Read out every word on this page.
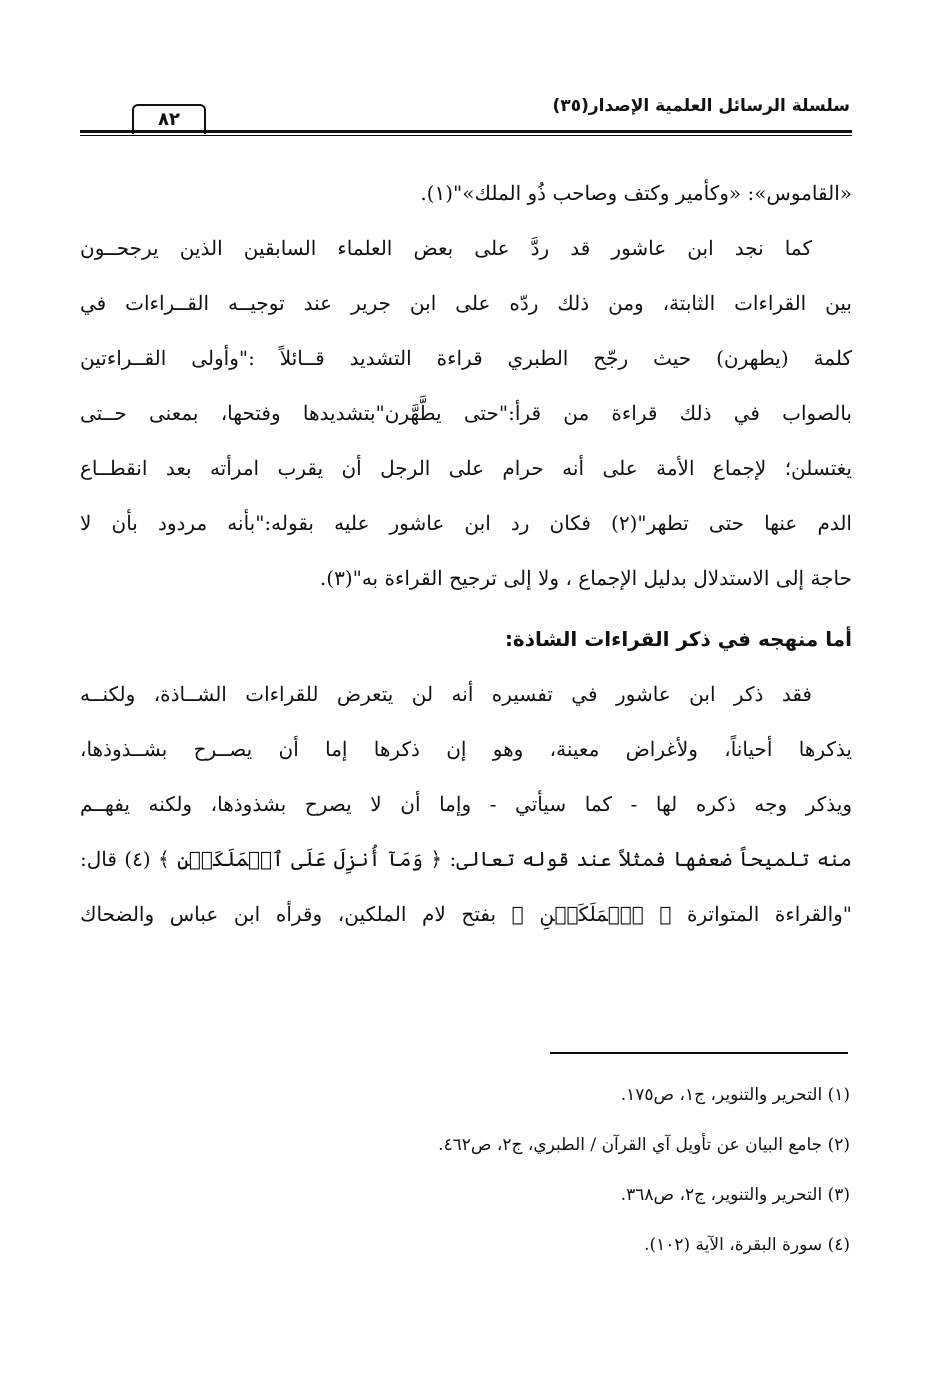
سلسلة الرسائل العلمية الإصدار(٣٥)
٨٢
«القاموس»: «وكأمير وكتف وصاحب ذُو الملك»"(١).
كما نجد ابن عاشور قد ردَّ على بعض العلماء السابقين الذين يرجحــون
بين القراءات الثابتة، ومن ذلك ردّه على ابن جرير عند توجيــه القــراءات في
كلمة (يطهرن) حيث رجّح الطبري قراءة التشديد قــائلاً :"وأولى القــراءتين
بالصواب في ذلك قراءة من قرأ:"حتى يطَّهَّرن"بتشديدها وفتحها، بمعنى حــتى
يغتسلن؛ لإجماع الأمة على أنه حرام على الرجل أن يقرب امرأته بعد انقطــاع
الدم عنها حتى تطهر"(٢) فكان رد ابن عاشور عليه بقوله:"بأنه مردود بأن لا
حاجة إلى الاستدلال بدليل الإجماع ، ولا إلى ترجيح القراءة به"(٣).
أما منهجه في ذكر القراءات الشاذة:
فقد ذكر ابن عاشور في تفسيره أنه لن يتعرض للقراءات الشــاذة، ولكنــه
يذكرها أحياناً، ولأغراض معينة، وهو إن ذكرها إما أن يصــرح بشــذوذها،
ويذكر وجه ذكره لها - كما سيأتي - وإما أن لا يصرح بشذوذها، ولكنه يفهــم
منه تلميحاً ضعفها فمثلاً عند قوله تعالى: ﴿ وَمَآ أُنزِلَ عَلَى ٱلۡمَلَكَيۡنِ ﴾ (٤) قال:
"والقراءة المتواترة ﴿ ٱلۡمَلَكَيۡنِ ﴾ بفتح لام الملكين، وقرأه ابن عباس والضحاك
(١) التحرير والتنوير، ج١، ص١٧٥.
(٢) جامع البيان عن تأويل آي القرآن / الطبري، ج٢، ص٤٦٢.
(٣) التحرير والتنوير، ج٢، ص٣٦٨.
(٤) سورة البقرة، الآية (١٠٢).
